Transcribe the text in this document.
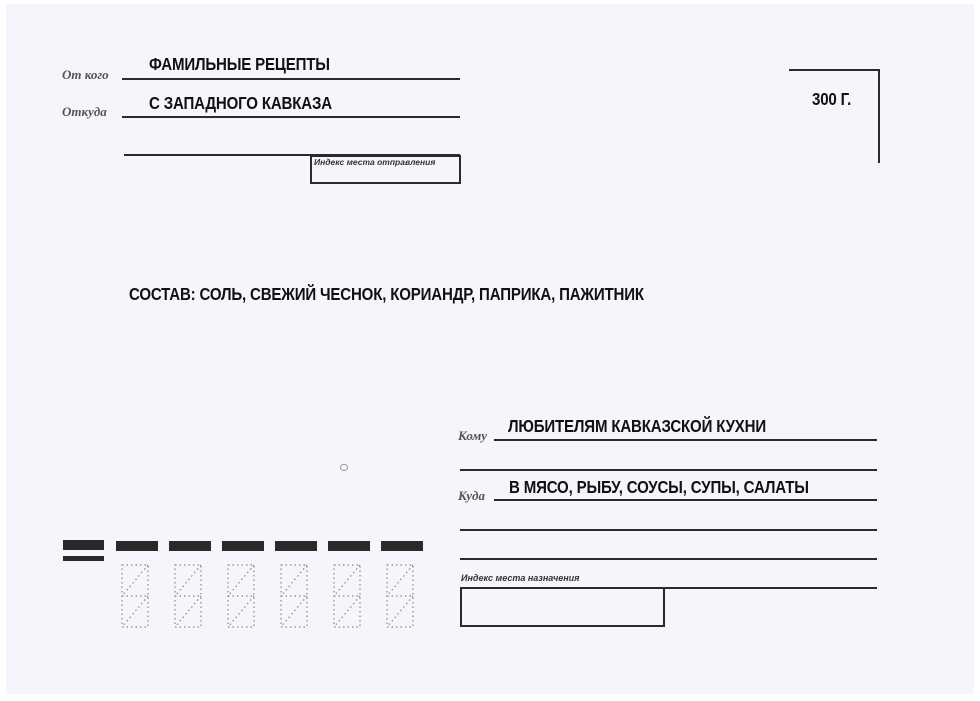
От кого
ФАМИЛЬНЫЕ РЕЦЕПТЫ
Откуда С ЗАПАДНОГО КАВКАЗА
Индекс места отправления
300 Г.
СОСТАВ: СОЛЬ, СВЕЖИЙ ЧЕСНОК, КОРИАНДР, ПАПРИКА, ПАЖИТНИК
Кому ЛЮБИТЕЛЯМ КАВКАЗСКОЙ КУХНИ
Куда В МЯСО, РЫБУ, СОУСЫ, СУПЫ, САЛАТЫ
Индекс места назначения
